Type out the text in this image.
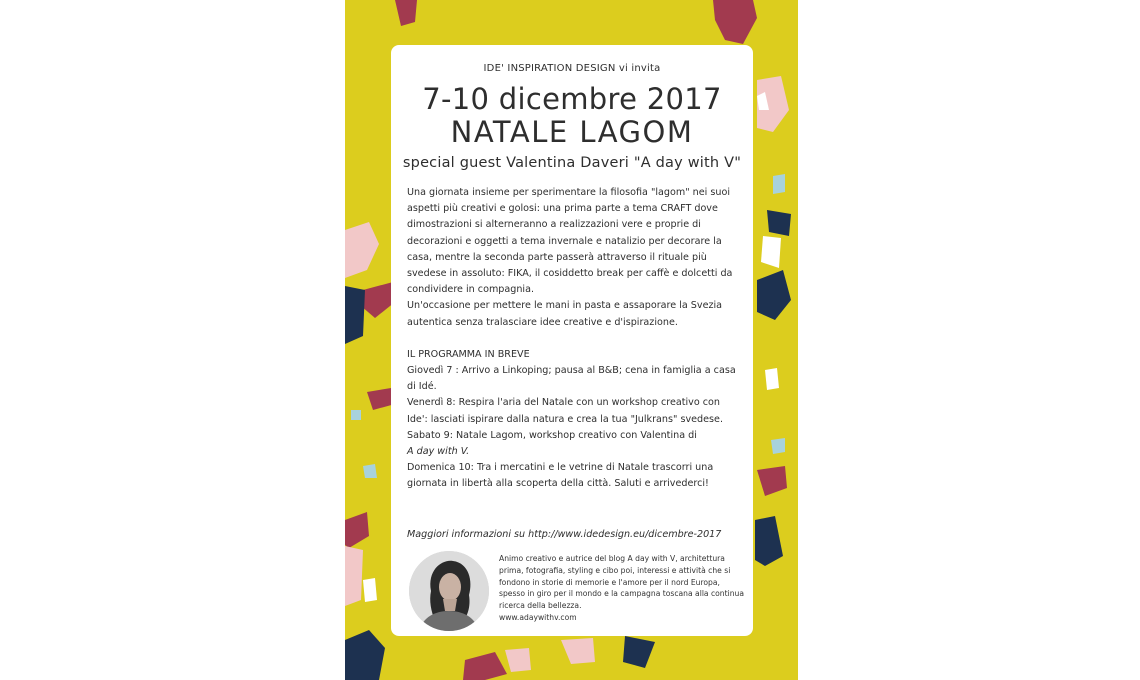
IDE' INSPIRATION DESIGN vi invita
7-10 dicembre 2017
NATALE LAGOM
special guest Valentina Daveri "A day with V"

Una giornata insieme per sperimentare la filosofia "lagom" nei suoi aspetti più creativi e golosi: una prima parte a tema CRAFT dove dimostrazioni si alterneranno a realizzazioni vere e proprie di decorazioni e oggetti a tema invernale e natalizio per decorare la casa, mentre la seconda parte passerà attraverso il rituale più svedese in assoluto: FIKA, il cosiddetto break per caffè e dolcetti da condividere in compagnia.

Un'occasione per mettere le mani in pasta e assaporare la Svezia autentica senza tralasciare idee creative e d'ispirazione.

IL PROGRAMMA IN BREVE

Giovedì 7 : Arrivo a Linkoping; pausa al B&B; cena in famiglia a casa di Idé.

Venerdì 8: Respira l'aria del Natale con un workshop creativo con Ide': lasciati ispirare dalla natura e crea la tua "Julkrans" svedese.

Sabato 9: Natale Lagom, workshop creativo con Valentina di

A day with V.

Domenica 10: Tra i mercatini e le vetrine di Natale trascorri una giornata in libertà alla scoperta della città. Saluti e arrivederci!

Maggiori informazioni su http://www.idedesign.eu/dicembre-2017
Animo creativo e autrice del blog A day with V, architettura prima, fotografia, styling e cibo poi, interessi e attività che si fondono in storie di memorie e l'amore per il nord Europa, spesso in giro per il mondo e la campagna toscana alla continua ricerca della bellezza.
www.adaywithv.com
